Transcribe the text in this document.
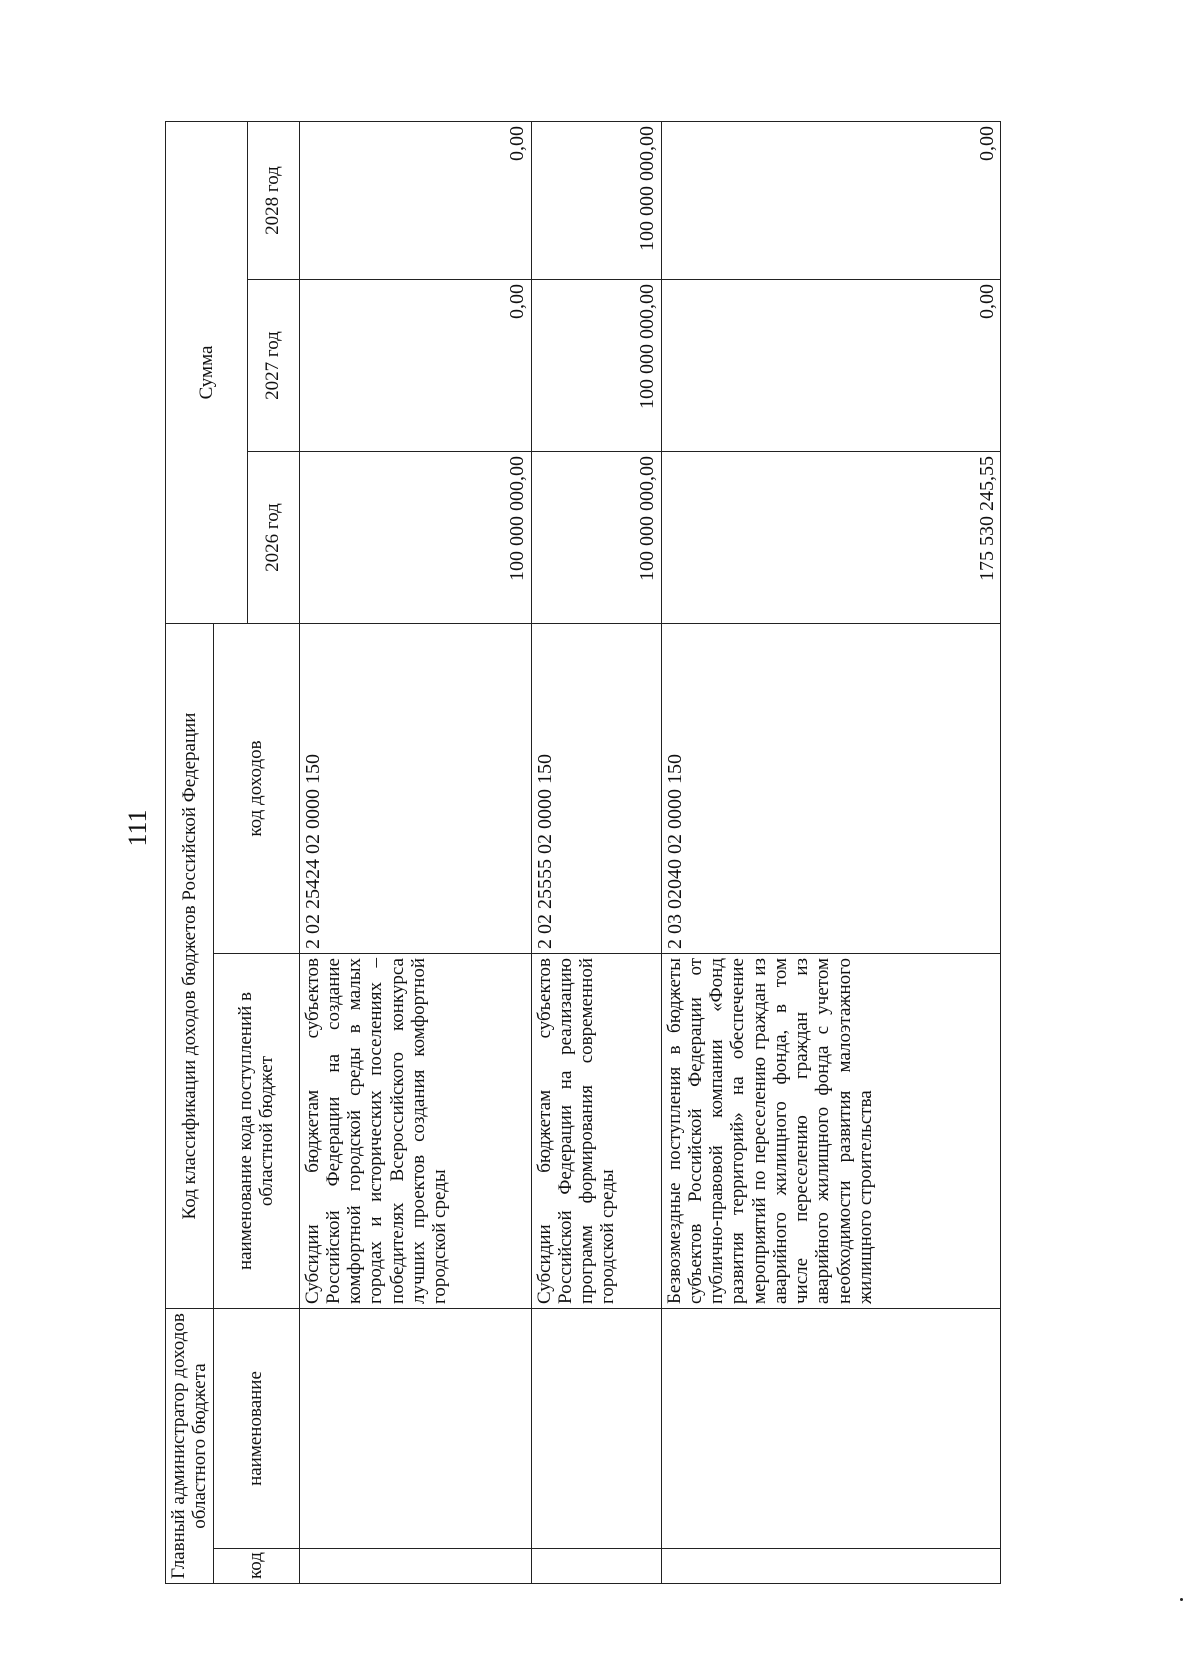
111
Главный администратор доходов областного бюджета		Код классификации доходов бюджетов Российской Федерации		Сумма		
код	наименование	наименование кода поступлений в областной бюджет	код доходов			
				2026 год	2027 год	2028 год
		Субсидии бюджетам субъектов Российской Федерации на создание комфортной городской среды в малых городах и исторических поселениях – победителях Всероссийского конкурса лучших проектов создания комфортной городской среды	2 02 25424 02 0000 150	100 000 000,00	0,00	0,00
		Субсидии бюджетам субъектов Российской Федерации на реализацию программ формирования современной городской среды	2 02 25555 02 0000 150	100 000 000,00	100 000 000,00	100 000 000,00
		Безвозмездные поступления в бюджеты субъектов Российской Федерации от публично-правовой компании «Фонд развития территорий» на обеспечение мероприятий по переселению граждан из аварийного жилищного фонда, в том числе переселению граждан из аварийного жилищного фонда с учетом необходимости развития малоэтажного жилищного строительства	2 03 02040 02 0000 150	175 530 245,55	0,00	0,00
